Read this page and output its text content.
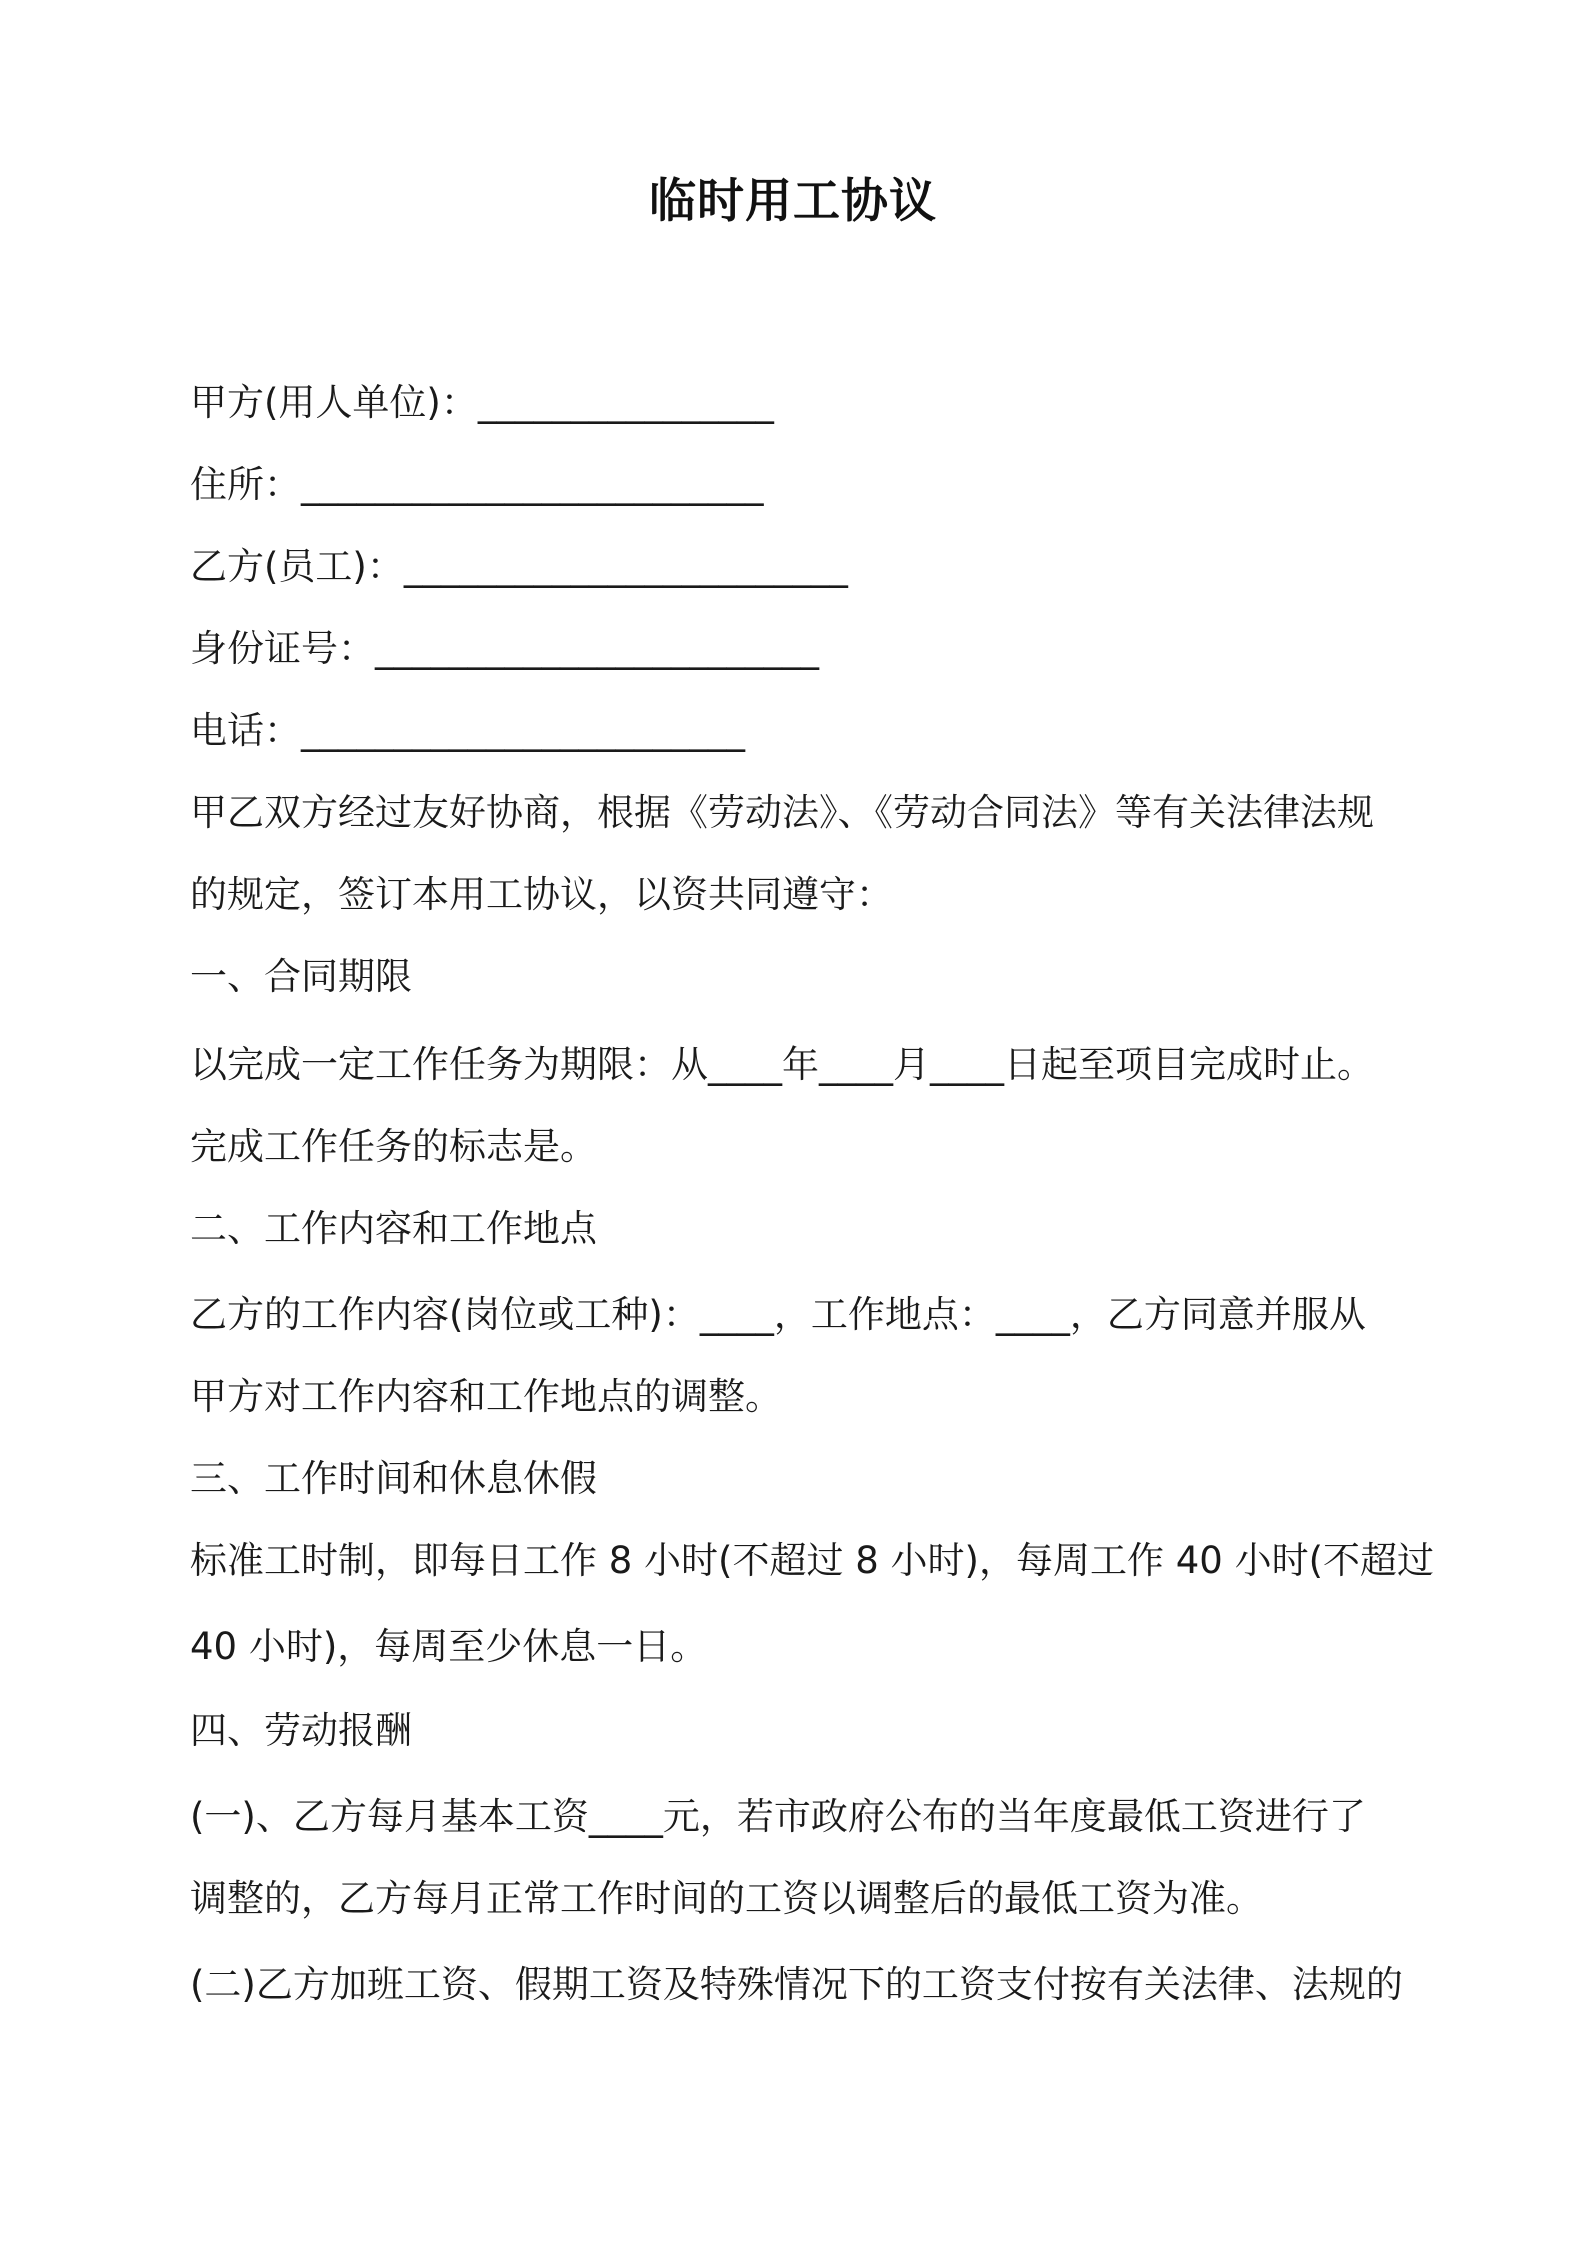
临时用工协议
甲方(用人单位)：________________
住所：_________________________
乙方(员工)：________________________
身份证号：________________________
电话：________________________
甲乙双方经过友好协商，根据《劳动法》、《劳动合同法》等有关法律法规
的规定，签订本用工协议，以资共同遵守：
一、合同期限
以完成一定工作任务为期限：从____年____月____日起至项目完成时止。
完成工作任务的标志是。
二、工作内容和工作地点
乙方的工作内容(岗位或工种)：____，工作地点：____，乙方同意并服从
甲方对工作内容和工作地点的调整。
三、工作时间和休息休假
标准工时制，即每日工作 8 小时(不超过 8 小时)，每周工作 40 小时(不超过
40 小时)，每周至少休息一日。
四、劳动报酬
(一)、乙方每月基本工资____元，若市政府公布的当年度最低工资进行了
调整的，乙方每月正常工作时间的工资以调整后的最低工资为准。
(二)乙方加班工资、假期工资及特殊情况下的工资支付按有关法律、法规的
